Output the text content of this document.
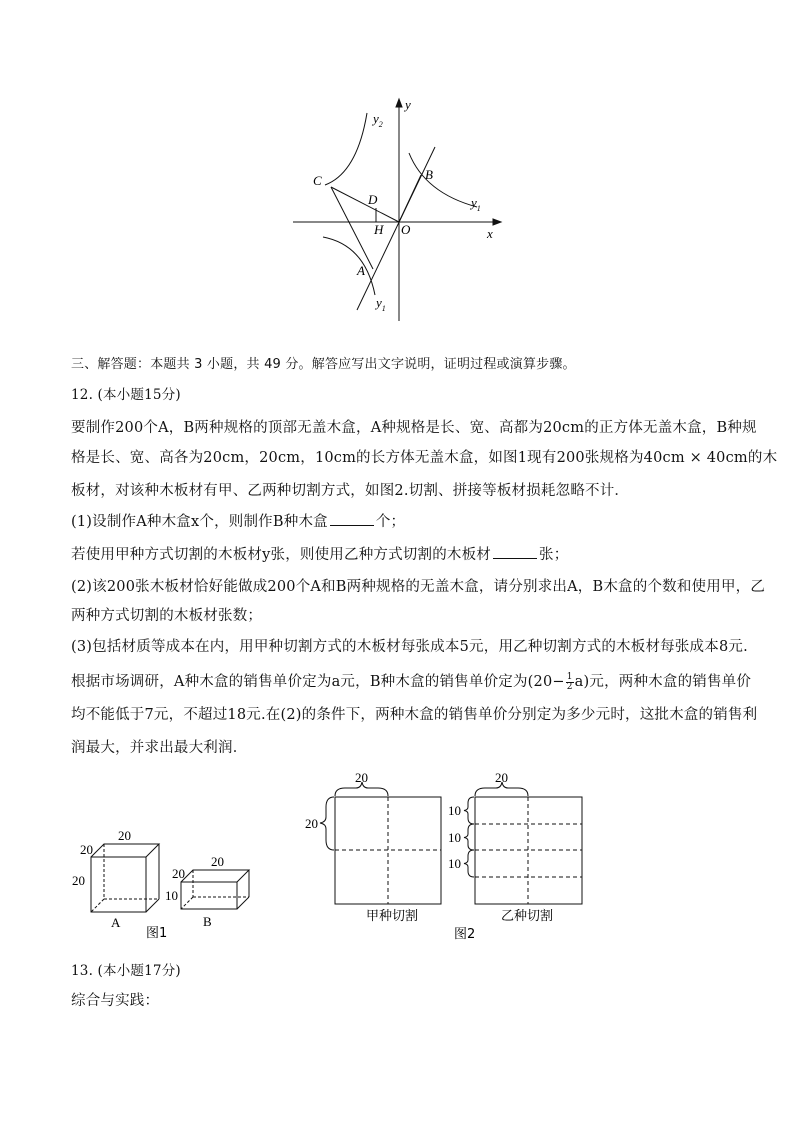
y
x
$y_2$
$y_1$
$y_1$
C
D
B
H O
A
三、解答题：本题共 3 小题，共 49 分。解答应写出文字说明，证明过程或演算步骤。
12. (本小题15分)
要制作200个A，B两种规格的顶部无盖木盒，A种规格是长、宽、高都为20cm的正方体无盖木盒，B种规
格是长、宽、高各为20cm，20cm，10cm的长方体无盖木盒，如图1现有200张规格为40cm × 40cm的木
板材，对该种木板材有甲、乙两种切割方式，如图2.切割、拼接等板材损耗忽略不计．
(1)设制作A种木盒x个，则制作B种木盒	个；
若使用甲种方式切割的木板材y张，则使用乙种方式切割的木板材	张；
(2)该200张木板材恰好能做成200个A和B两种规格的无盖木盒，请分别求出A，B木盒的个数和使用甲，乙
两种方式切割的木板材张数；
(3)包括材质等成本在内，用甲种切割方式的木板材每张成本5元，用乙种切割方式的木板材每张成本8元.
根据市场调研，A种木盒的销售单价定为a元，B种木盒的销售单价定为$(20- \frac{1}{2} a)$元，两种木盒的销售单价
均不能低于7元，不超过18元.在(2)的条件下，两种木盒的销售单价分别定为多少元时，这批木盒的销售利
润最大，并求出最大利润．
20
20
20
A
20
20
10
B
图1
20
20
甲种切割
20
10
10
10
乙种切割
图2
13. (本小题17分)
综合与实践：
